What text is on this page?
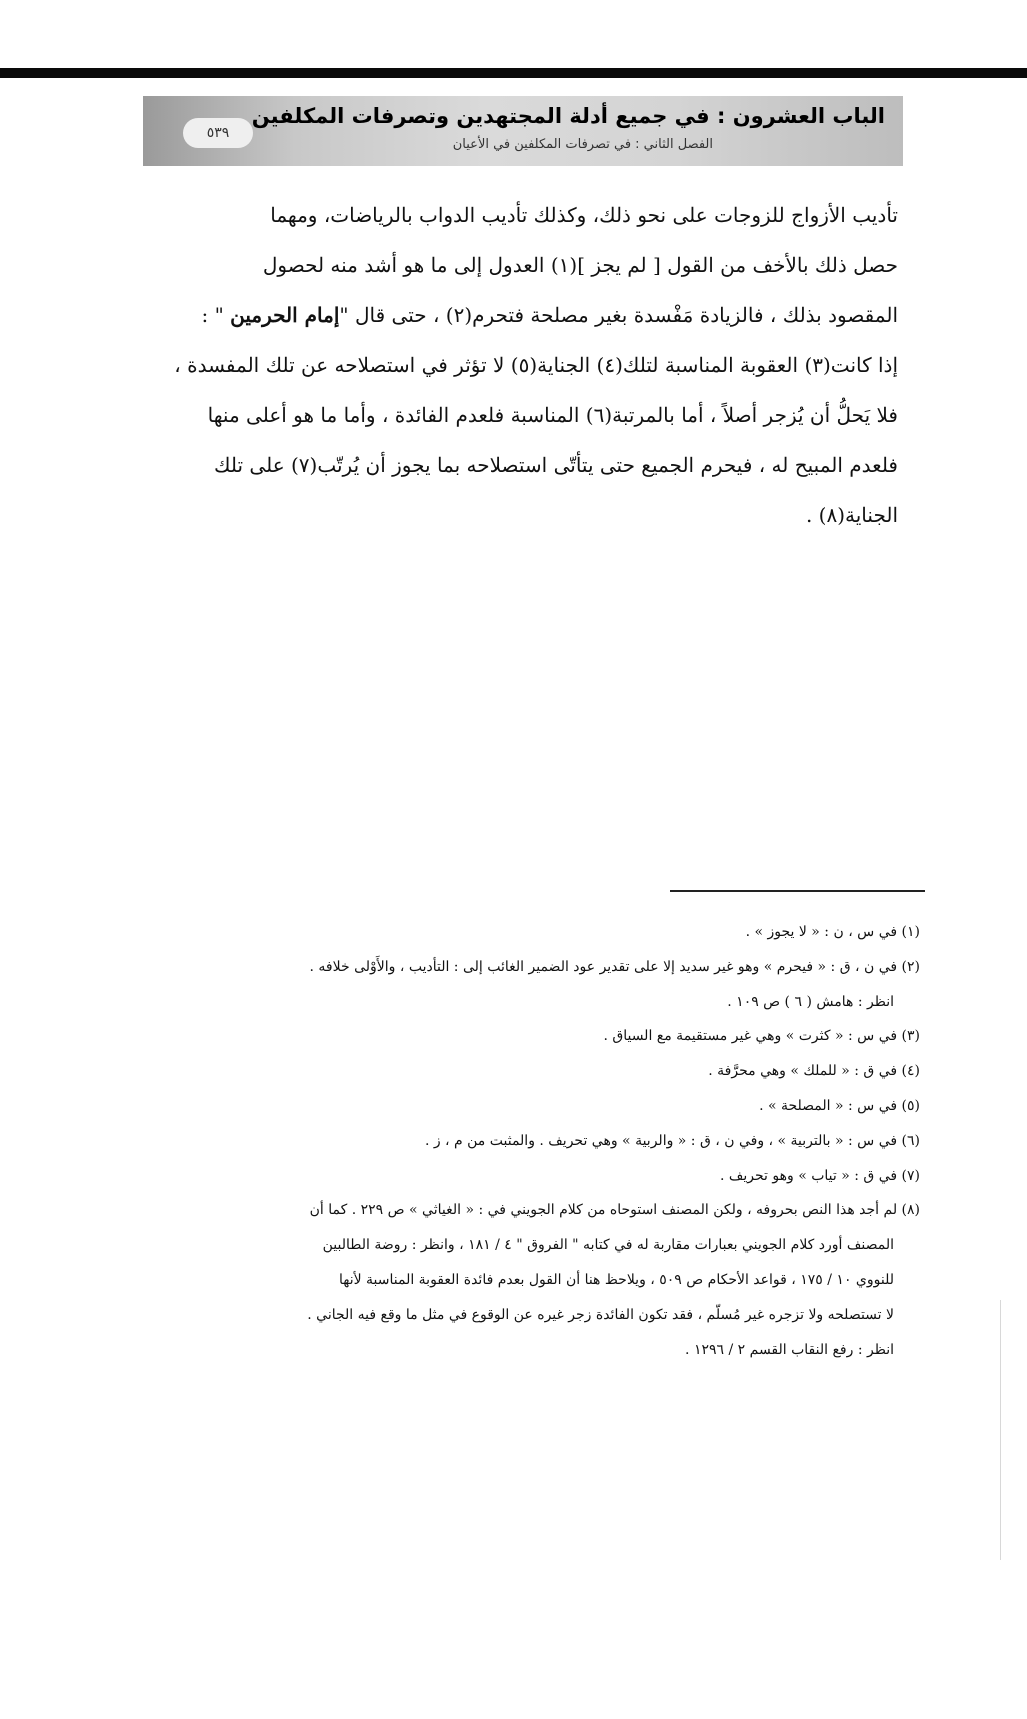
الباب العشرون : في جميع أدلة المجتهدين وتصرفات المكلفين
الفصل الثاني : في تصرفات المكلفين في الأعيان
٥٣٩
تأديب الأزواج للزوجات على نحو ذلك، وكذلك تأديب الدواب بالرياضات، ومهما
حصل ذلك بالأخف من القول [ لم يجز ](١) العدول إلى ما هو أشد منه لحصول
المقصود بذلك ، فالزيادة مَفْسدة بغير مصلحة فتحرم(٢) ، حتى قال "إمام الحرمين " :
إذا كانت(٣) العقوبة المناسبة لتلك(٤) الجناية(٥) لا تؤثر في استصلاحه عن تلك المفسدة ،
فلا يَحلُّ أن يُزجر أصلاً ، أما بالمرتبة(٦) المناسبة فلعدم الفائدة ، وأما ما هو أعلى منها
فلعدم المبيح له ، فيحرم الجميع حتى يتأتّى استصلاحه بما يجوز أن يُرتّب(٧) على تلك
الجناية(٨) .
(١) في س ، ن : « لا يجوز » .
(٢) في ن ، ق : « فيحرم » وهو غير سديد إلا على تقدير عود الضمير الغائب إلى : التأديب ، والأَوْلى خلافه .
انظر : هامش ( ٦ ) ص ١٠٩ .
(٣) في س : « كثرت » وهي غير مستقيمة مع السياق .
(٤) في ق : « للملك » وهي محرَّفة .
(٥) في س : « المصلحة » .
(٦) في س : « بالتربية » ، وفي ن ، ق : « والربية » وهي تحريف . والمثبت من م ، ز .
(٧) في ق : « تياب » وهو تحريف .
(٨) لم أجد هذا النص بحروفه ، ولكن المصنف استوحاه من كلام الجويني في : « الغياثي » ص ٢٢٩ . كما أن
المصنف أورد كلام الجويني بعبارات مقاربة له في كتابه " الفروق " ٤ / ١٨١ ، وانظر : روضة الطالبين
للنووي ١٠ / ١٧٥ ، قواعد الأحكام ص ٥٠٩ ، ويلاحظ هنا أن القول بعدم فائدة العقوبة المناسبة لأنها
لا تستصلحه ولا تزجره غير مُسلّم ، فقد تكون الفائدة زجر غيره عن الوقوع في مثل ما وقع فيه الجاني .
انظر : رفع النقاب القسم ٢ / ١٢٩٦ .
